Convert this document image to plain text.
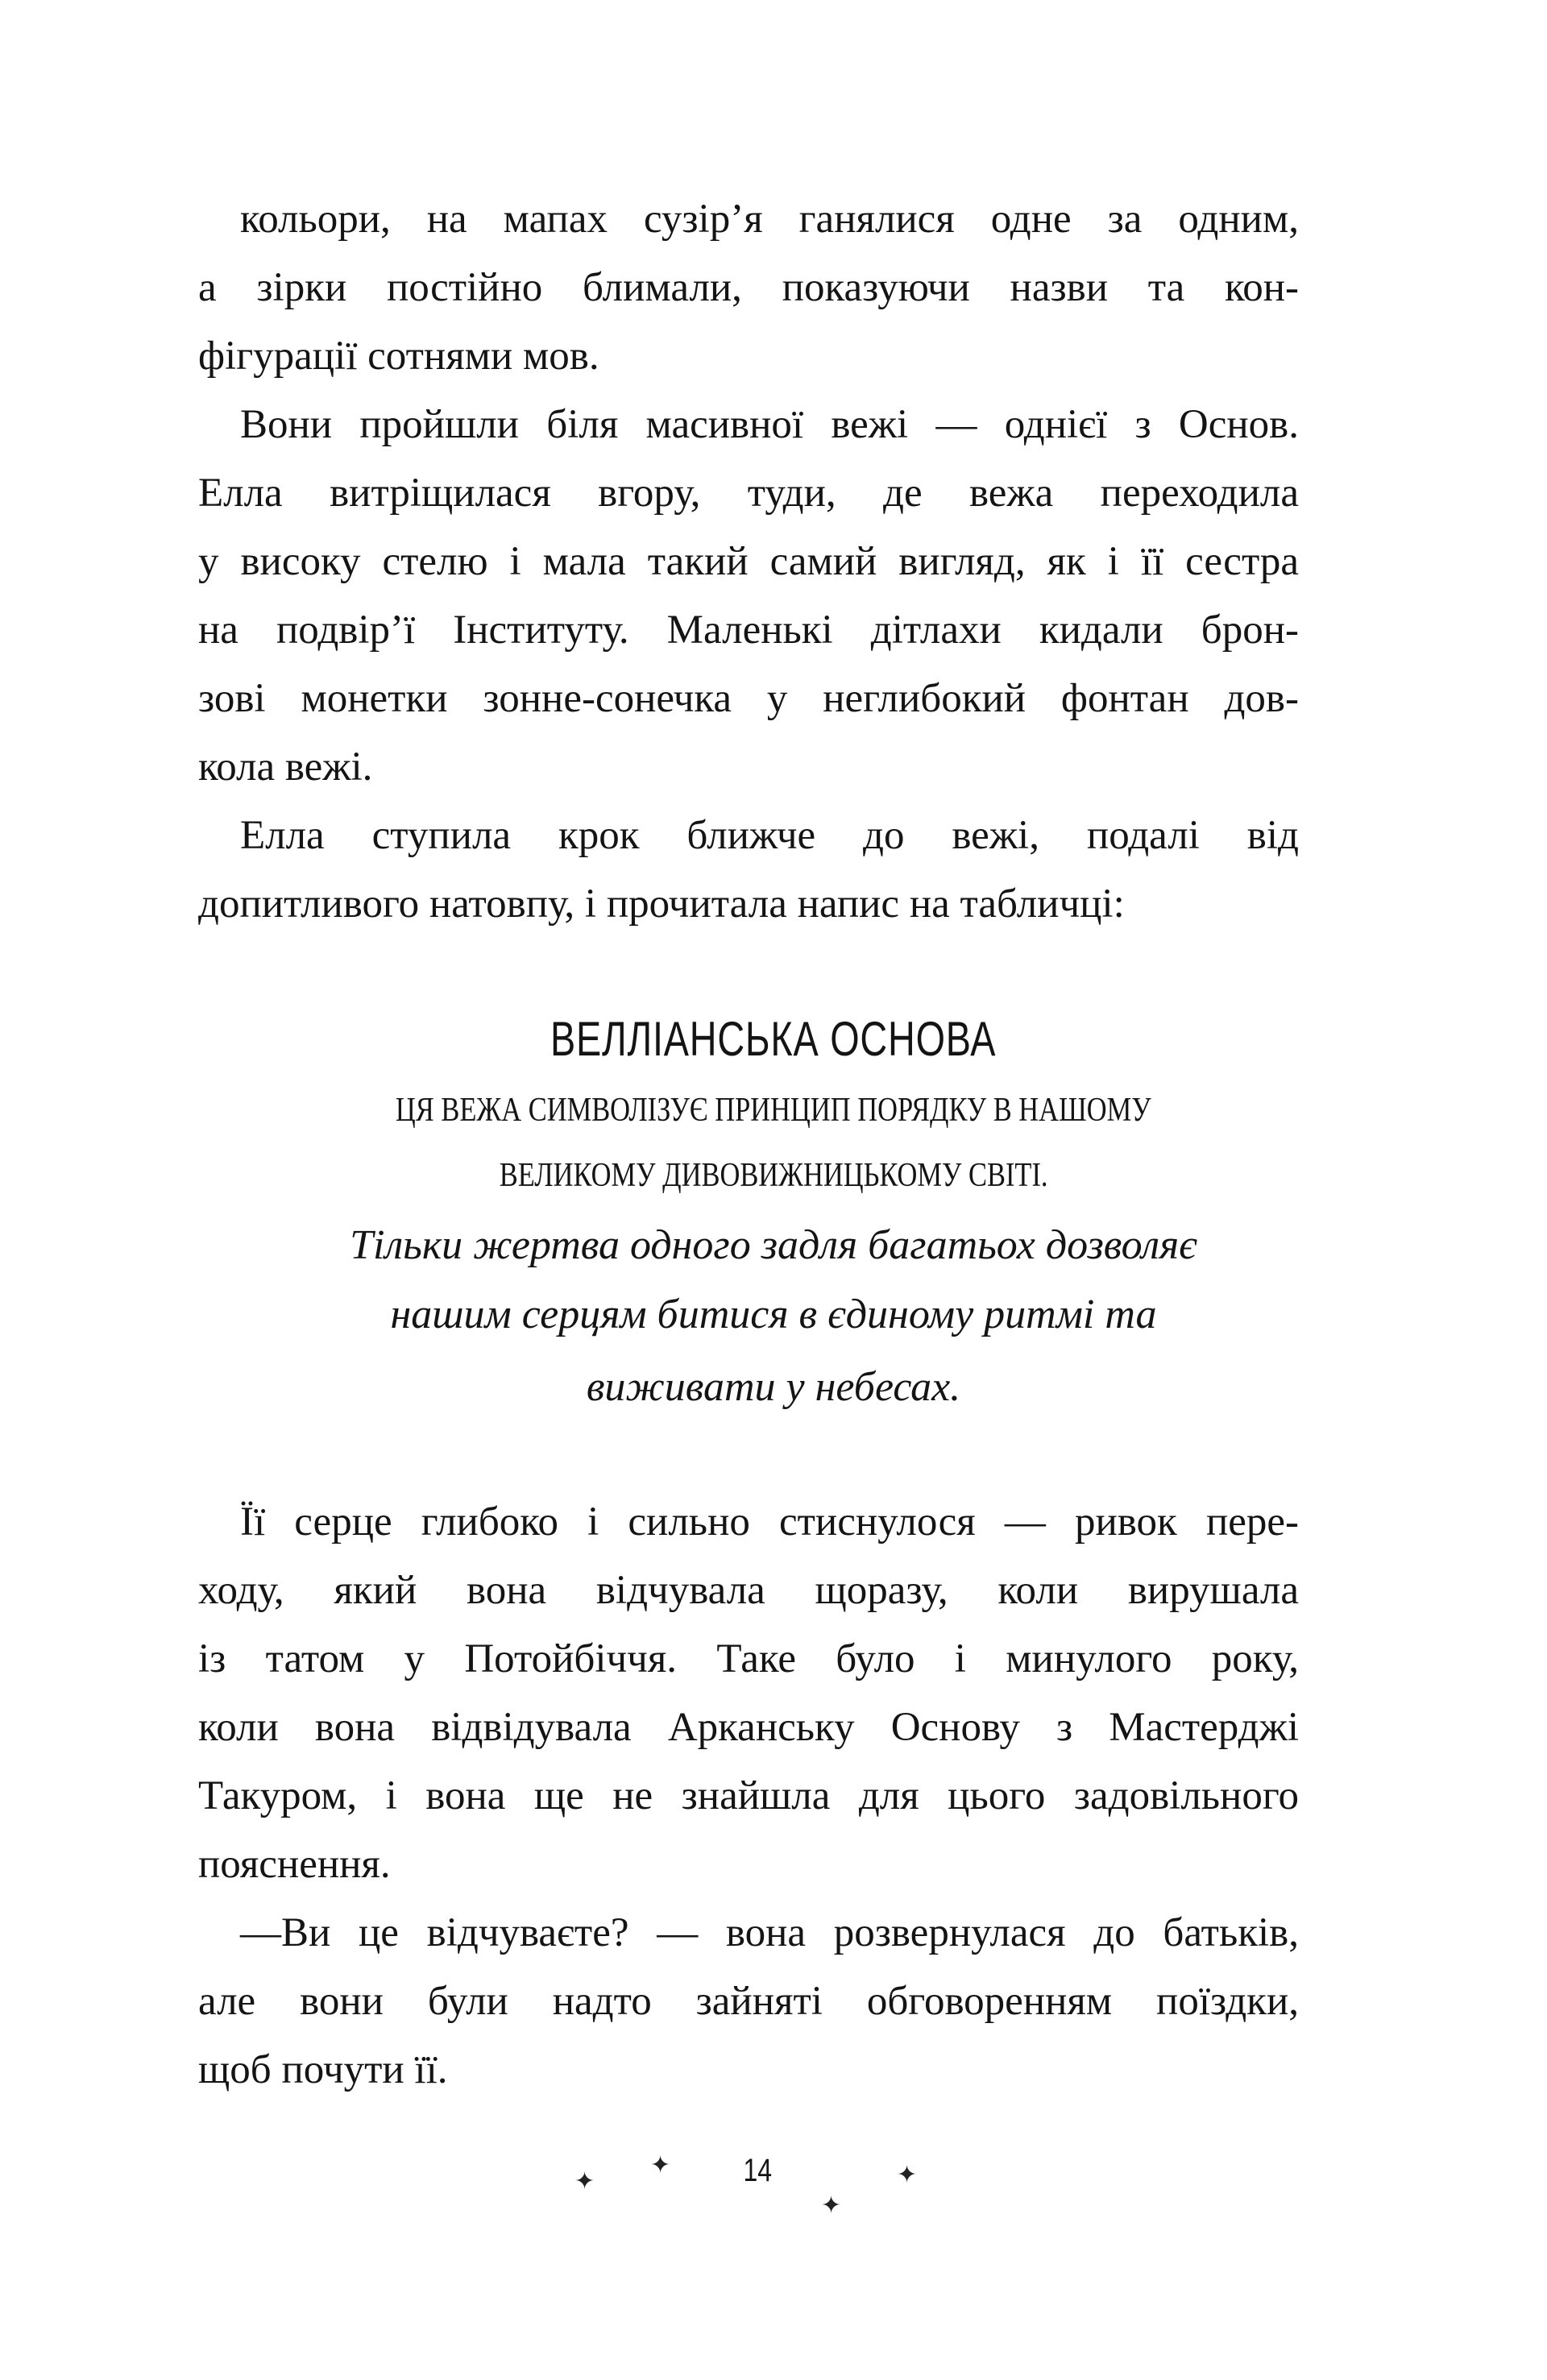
кольори, на мапах сузір’я ганялися одне за одним,
а зірки постійно блимали, показуючи назви та кон-
фігурації сотнями мов.
Вони пройшли біля масивної вежі — однієї з Основ.
Елла витріщилася вгору, туди, де вежа переходила
у високу стелю і мала такий самий вигляд, як і її сестра
на подвір’ї Інституту. Маленькі дітлахи кидали брон-
зові монетки зонне-сонечка у неглибокий фонтан дов-
кола вежі.
Елла ступила крок ближче до вежі, подалі від
допитливого натовпу, і прочитала напис на табличці:
ВЕЛЛІАНСЬКА ОСНОВА
ЦЯ ВЕЖА СИМВОЛІЗУЄ ПРИНЦИП ПОРЯДКУ В НАШОМУ
ВЕЛИКОМУ ДИВОВИЖНИЦЬКОМУ СВІТІ.
Тільки жертва одного задля багатьох дозволяє
нашим серцям битися в єдиному ритмі та
виживати у небесах.
Її серце глибоко і сильно стиснулося — ривок пере-
ходу, який вона відчувала щоразу, коли вирушала
із татом у Потойбіччя. Таке було і минулого року,
коли вона відвідувала Арканську Основу з Мастерджі
Такуром, і вона ще не знайшла для цього задовільного
пояснення.
—Ви це відчуваєте? — вона розвернулася до батьків,
але вони були надто зайняті обговоренням поїздки,
щоб почути її.
✦
✦ 14
✦
✦
